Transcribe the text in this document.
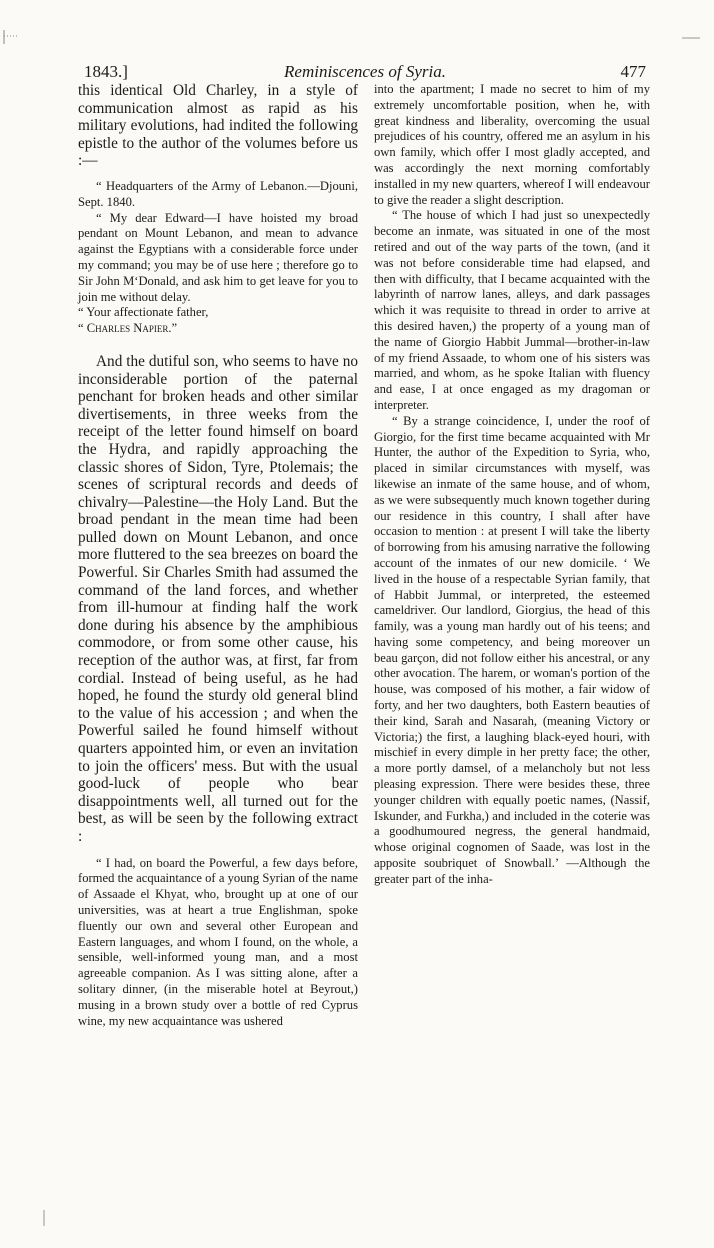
1843.]	Reminiscences of Syria.	477

this identical Old Charley, in a style of communication almost as rapid as his military evolutions, had indited the following epistle to the author of the volumes before us :—

“ Headquarters of the Army of Lebanon.—Djouni, Sept. 1840.

“ My dear Edward—I have hoisted my broad pendant on Mount Lebanon, and mean to advance against the Egyptians with a considerable force under my command; you may be of use here ; therefore go to Sir John M‘Donald, and ask him to get leave for you to join me without delay.

“ Your affectionate father,

“ Charles Napier.”

And the dutiful son, who seems to have no inconsiderable portion of the paternal penchant for broken heads and other similar divertisements, in three weeks from the receipt of the letter found himself on board the Hydra, and rapidly approaching the classic shores of Sidon, Tyre, Ptolemais; the scenes of scriptural records and deeds of chivalry—Palestine—the Holy Land. But the broad pendant in the mean time had been pulled down on Mount Lebanon, and once more fluttered to the sea breezes on board the Powerful. Sir Charles Smith had assumed the command of the land forces, and whether from ill-humour at finding half the work done during his absence by the amphibious commodore, or from some other cause, his reception of the author was, at first, far from cordial. Instead of being useful, as he had hoped, he found the sturdy old general blind to the value of his accession ; and when the Powerful sailed he found himself without quarters appointed him, or even an invitation to join the officers' mess. But with the usual good-luck of people who bear disappointments well, all turned out for the best, as will be seen by the following extract :

“ I had, on board the Powerful, a few days before, formed the acquaintance of a young Syrian of the name of Assaade el Khyat, who, brought up at one of our universities, was at heart a true Englishman, spoke fluently our own and several other European and Eastern languages, and whom I found, on the whole, a sensible, well-informed young man, and a most agreeable companion. As I was sitting alone, after a solitary dinner, (in the miserable hotel at Beyrout,) musing in a brown study over a bottle of red Cyprus wine, my new acquaintance was ushered

into the apartment; I made no secret to him of my extremely uncomfortable position, when he, with great kindness and liberality, overcoming the usual prejudices of his country, offered me an asylum in his own family, which offer I most gladly accepted, and was accordingly the next morning comfortably installed in my new quarters, whereof I will endeavour to give the reader a slight description.

“ The house of which I had just so unexpectedly become an inmate, was situated in one of the most retired and out of the way parts of the town, (and it was not before considerable time had elapsed, and then with difficulty, that I became acquainted with the labyrinth of narrow lanes, alleys, and dark passages which it was requisite to thread in order to arrive at this desired haven,) the property of a young man of the name of Giorgio Habbit Jummal—brother-in-law of my friend Assaade, to whom one of his sisters was married, and whom, as he spoke Italian with fluency and ease, I at once engaged as my dragoman or interpreter.

“ By a strange coincidence, I, under the roof of Giorgio, for the first time became acquainted with Mr Hunter, the author of the Expedition to Syria, who, placed in similar circumstances with myself, was likewise an inmate of the same house, and of whom, as we were subsequently much known together during our residence in this country, I shall after have occasion to mention : at present I will take the liberty of borrowing from his amusing narrative the following account of the inmates of our new domicile. ‘ We lived in the house of a respectable Syrian family, that of Habbit Jummal, or interpreted, the esteemed cameldriver. Our landlord, Giorgius, the head of this family, was a young man hardly out of his teens; and having some competency, and being moreover un beau garçon, did not follow either his ancestral, or any other avocation. The harem, or woman's portion of the house, was composed of his mother, a fair widow of forty, and her two daughters, both Eastern beauties of their kind, Sarah and Nasarah, (meaning Victory or Victoria;) the first, a laughing black-eyed houri, with mischief in every dimple in her pretty face; the other, a more portly damsel, of a melancholy but not less pleasing expression. There were besides these, three younger children with equally poetic names, (Nassif, Iskunder, and Furkha,) and included in the coterie was a goodhumoured negress, the general handmaid, whose original cognomen of Saade, was lost in the apposite soubriquet of Snowball.’ —Although the greater part of the inha-
